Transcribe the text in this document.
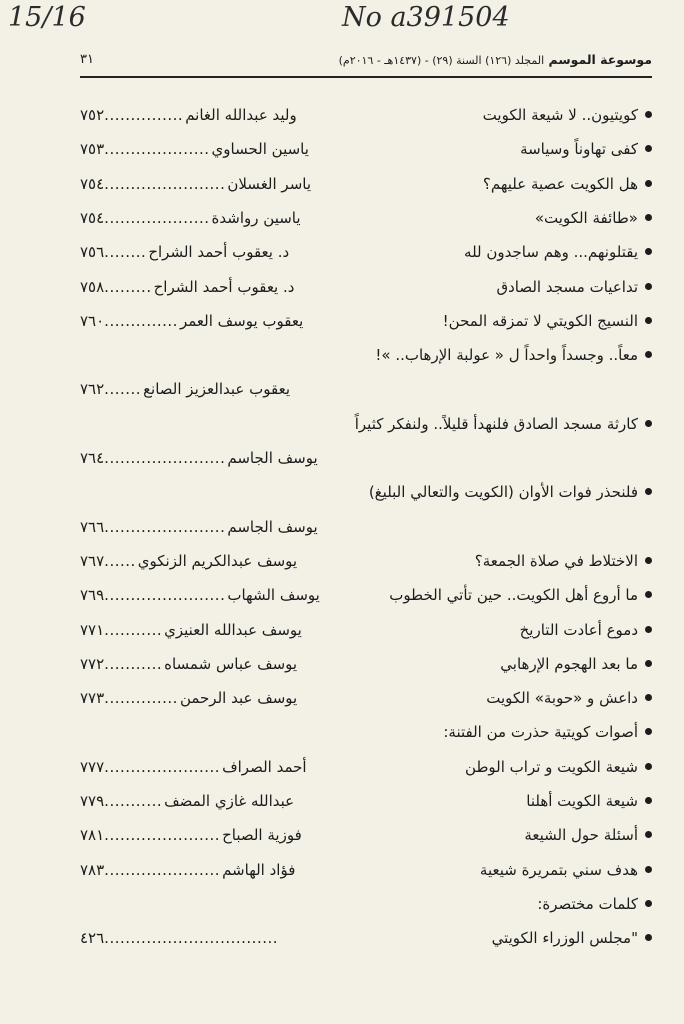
15/16	No a391504
موسوعة الموسم المجلد (١٢٦) السنة (٢٩) - (١٤٣٧هـ - ٢٠١٦م)
٣١
كويتيون.. لا شيعة الكويت
٧٥٢............... وليد عبدالله الغانم
كفى تهاوناً وسياسة
٧٥٣.................... ياسين الحساوي
هل الكويت عصية عليهم؟
٧٥٤....................... ياسر الغسلان
«طائفة الكويت»
٧٥٤.................... ياسين رواشدة
يقتلونهم... وهم ساجدون لله
٧٥٦........ د. يعقوب أحمد الشراح
تداعيات مسجد الصادق
٧٥٨......... د. يعقوب أحمد الشراح
النسيج الكويتي لا تمزقه المحن!
٧٦٠.............. يعقوب يوسف العمر
معاً.. وجسداً واحداً ل « عولبة الإرهاب.. »!
٧٦٢....... يعقوب عبدالعزيز الصانع
كارثة مسجد الصادق فلنهدأ قليلاً.. ولنفكر كثيراً
٧٦٤....................... يوسف الجاسم
فلنحذر فوات الأوان (الكويت والتعالي البليغ)
٧٦٦....................... يوسف الجاسم
الاختلاط في صلاة الجمعة؟
٧٦٧...... يوسف عبدالكريم الزنكوي
ما أروع أهل الكويت.. حين تأتي الخطوب
٧٦٩....................... يوسف الشهاب
دموع أعادت التاريخ
٧٧١........... يوسف عبدالله العنيزي
ما بعد الهجوم الإرهابي
٧٧٢........... يوسف عباس شمساه
داعش و «حوبة» الكويت
٧٧٣.............. يوسف عبد الرحمن
أصوات كويتية حذرت من الفتنة:
شيعة الكويت و تراب الوطن
٧٧٧...................... أحمد الصراف
شيعة الكويت أهلنا
٧٧٩........... عبدالله غازي المضف
أسئلة حول الشيعة
٧٨١...................... فوزية الصباح
هدف سني بتمريرة شيعية
٧٨٣...................... فؤاد الهاشم
كلمات مختصرة:
"مجلس الوزراء الكويتي
٤٢٦.................................
